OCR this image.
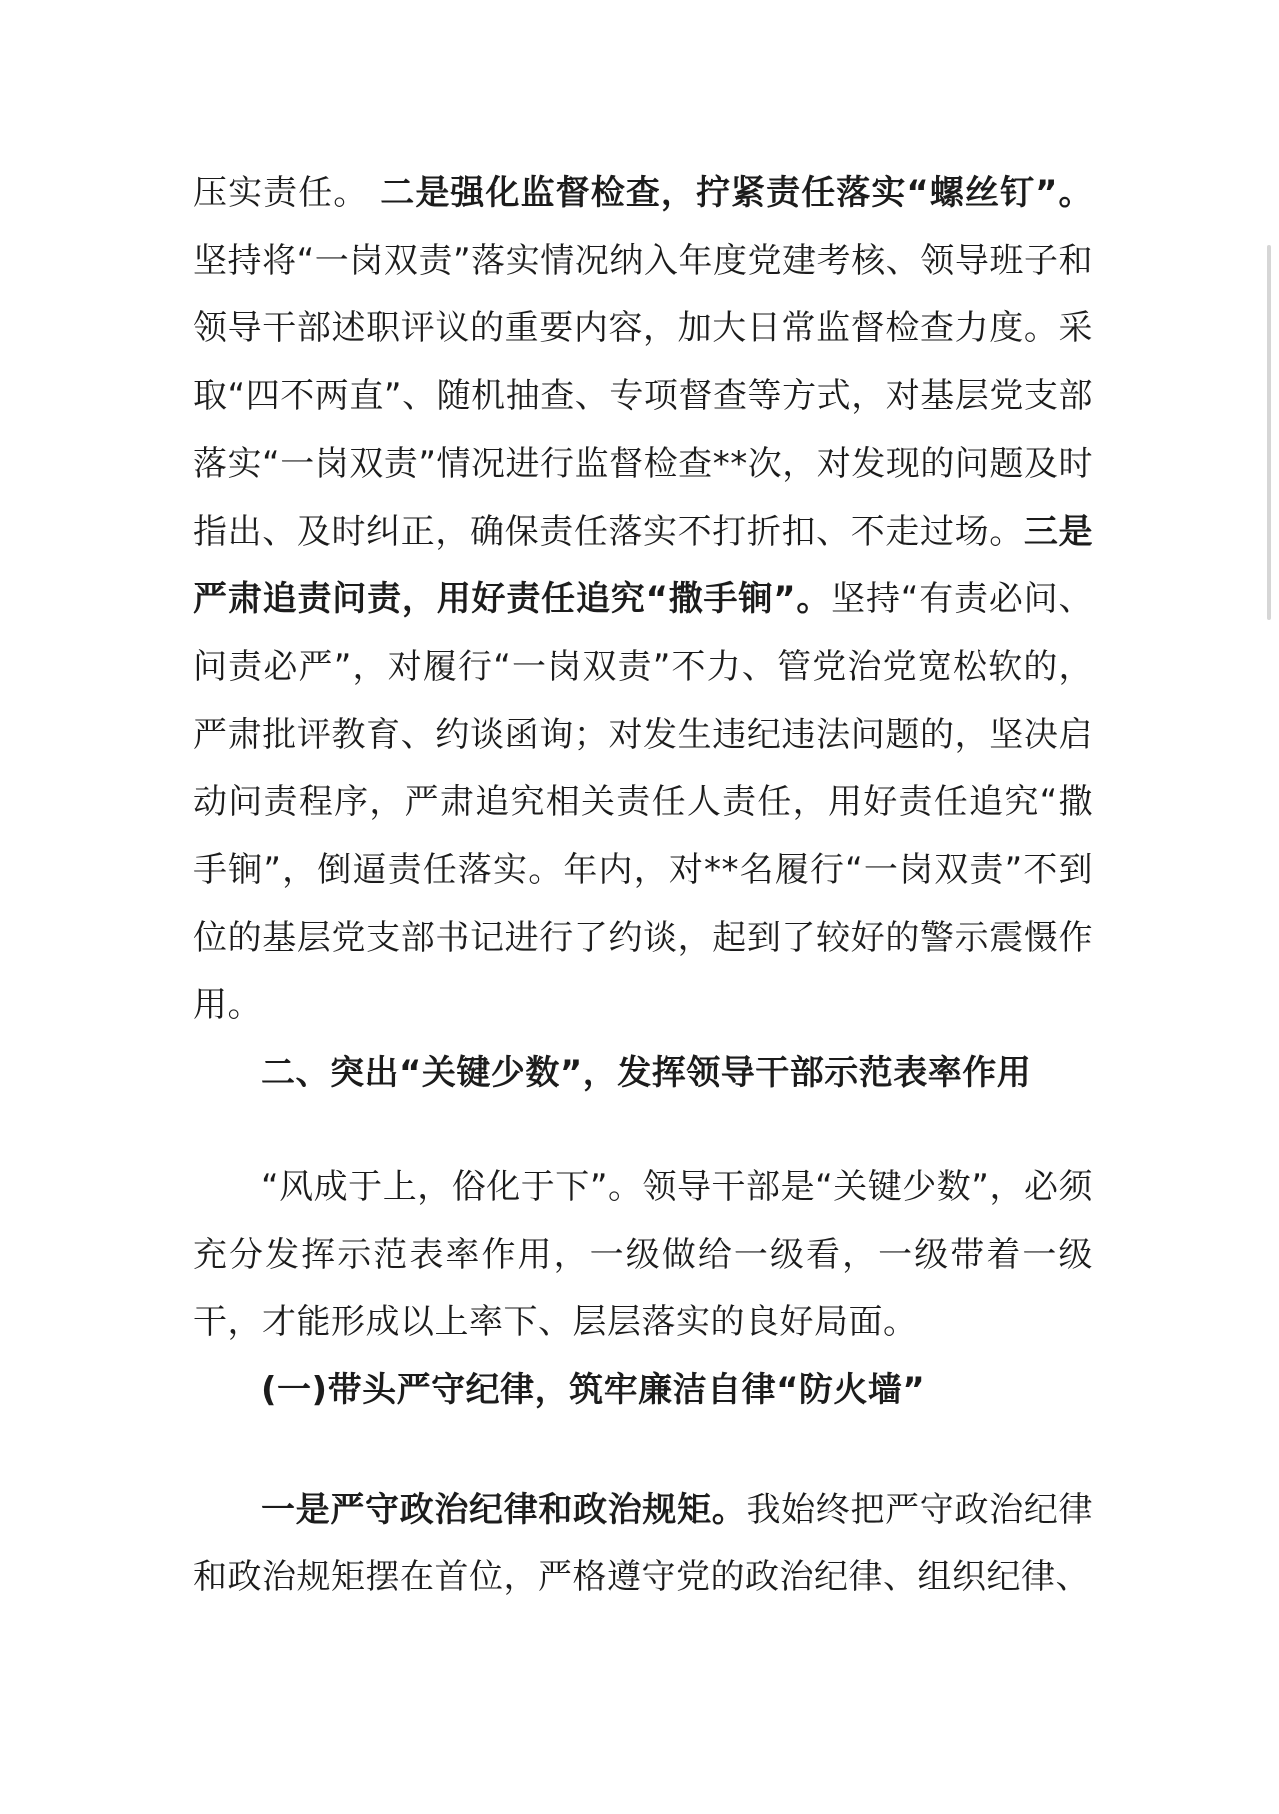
压实责任。 二是强化监督检查，拧紧责任落实“螺丝钉”。坚持将“一岗双责”落实情况纳入年度党建考核、领导班子和领导干部述职评议的重要内容，加大日常监督检查力度。采取“四不两直”、随机抽查、专项督查等方式，对基层党支部落实“一岗双责”情况进行监督检查**次，对发现的问题及时指出、及时纠正，确保责任落实不打折扣、不走过场。三是严肃追责问责，用好责任追究“撒手锏”。坚持“有责必问、问责必严”，对履行“一岗双责”不力、管党治党宽松软的，严肃批评教育、约谈函询；对发生违纪违法问题的，坚决启动问责程序，严肃追究相关责任人责任，用好责任追究“撒手锏”，倒逼责任落实。年内，对**名履行“一岗双责”不到位的基层党支部书记进行了约谈，起到了较好的警示震慑作用。

二、突出“关键少数”，发挥领导干部示范表率作用

“风成于上，俗化于下”。领导干部是“关键少数”，必须充分发挥示范表率作用，一级做给一级看，一级带着一级干，才能形成以上率下、层层落实的良好局面。

(一)带头严守纪律，筑牢廉洁自律“防火墙”

一是严守政治纪律和政治规矩。我始终把严守政治纪律和政治规矩摆在首位，严格遵守党的政治纪律、组织纪律、
